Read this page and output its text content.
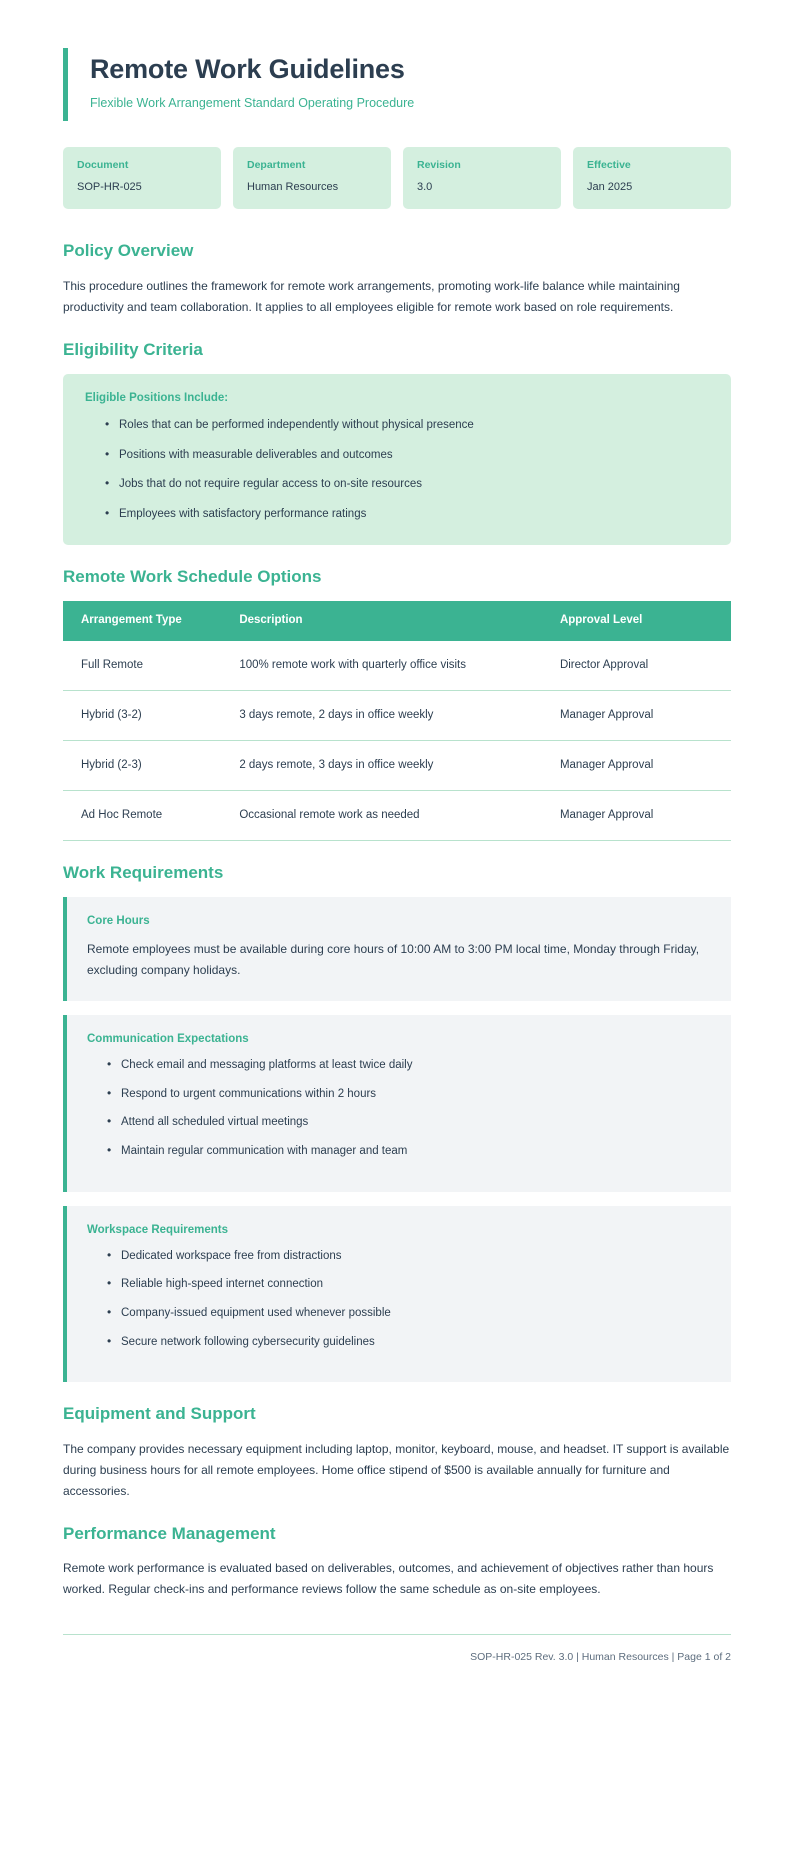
Remote Work Guidelines

Flexible Work Arrangement Standard Operating Procedure

Document
SOP-HR-025
Department
Human Resources
Revision
3.0
Effective
Jan 2025
Policy Overview

This procedure outlines the framework for remote work arrangements, promoting work-life balance while maintaining productivity and team collaboration. It applies to all employees eligible for remote work based on role requirements.

Eligibility Criteria
Eligible Positions Include:
• Roles that can be performed independently without physical presence
• Positions with measurable deliverables and outcomes
• Jobs that do not require regular access to on-site resources
• Employees with satisfactory performance ratings
Remote Work Schedule Options
Arrangement Type	Description	Approval Level
Full Remote	100% remote work with quarterly office visits	Director Approval
Hybrid (3-2)	3 days remote, 2 days in office weekly	Manager Approval
Hybrid (2-3)	2 days remote, 3 days in office weekly	Manager Approval
Ad Hoc Remote	Occasional remote work as needed	Manager Approval
Work Requirements
Core Hours

Remote employees must be available during core hours of 10:00 AM to 3:00 PM local time, Monday through Friday, excluding company holidays.

Communication Expectations
• Check email and messaging platforms at least twice daily
• Respond to urgent communications within 2 hours
• Attend all scheduled virtual meetings
• Maintain regular communication with manager and team
Workspace Requirements
• Dedicated workspace free from distractions
• Reliable high-speed internet connection
• Company-issued equipment used whenever possible
• Secure network following cybersecurity guidelines
Equipment and Support

The company provides necessary equipment including laptop, monitor, keyboard, mouse, and headset. IT support is available during business hours for all remote employees. Home office stipend of $500 is available annually for furniture and accessories.

Performance Management

Remote work performance is evaluated based on deliverables, outcomes, and achievement of objectives rather than hours worked. Regular check-ins and performance reviews follow the same schedule as on-site employees.

SOP-HR-025 Rev. 3.0 | Human Resources | Page 1 of 2
